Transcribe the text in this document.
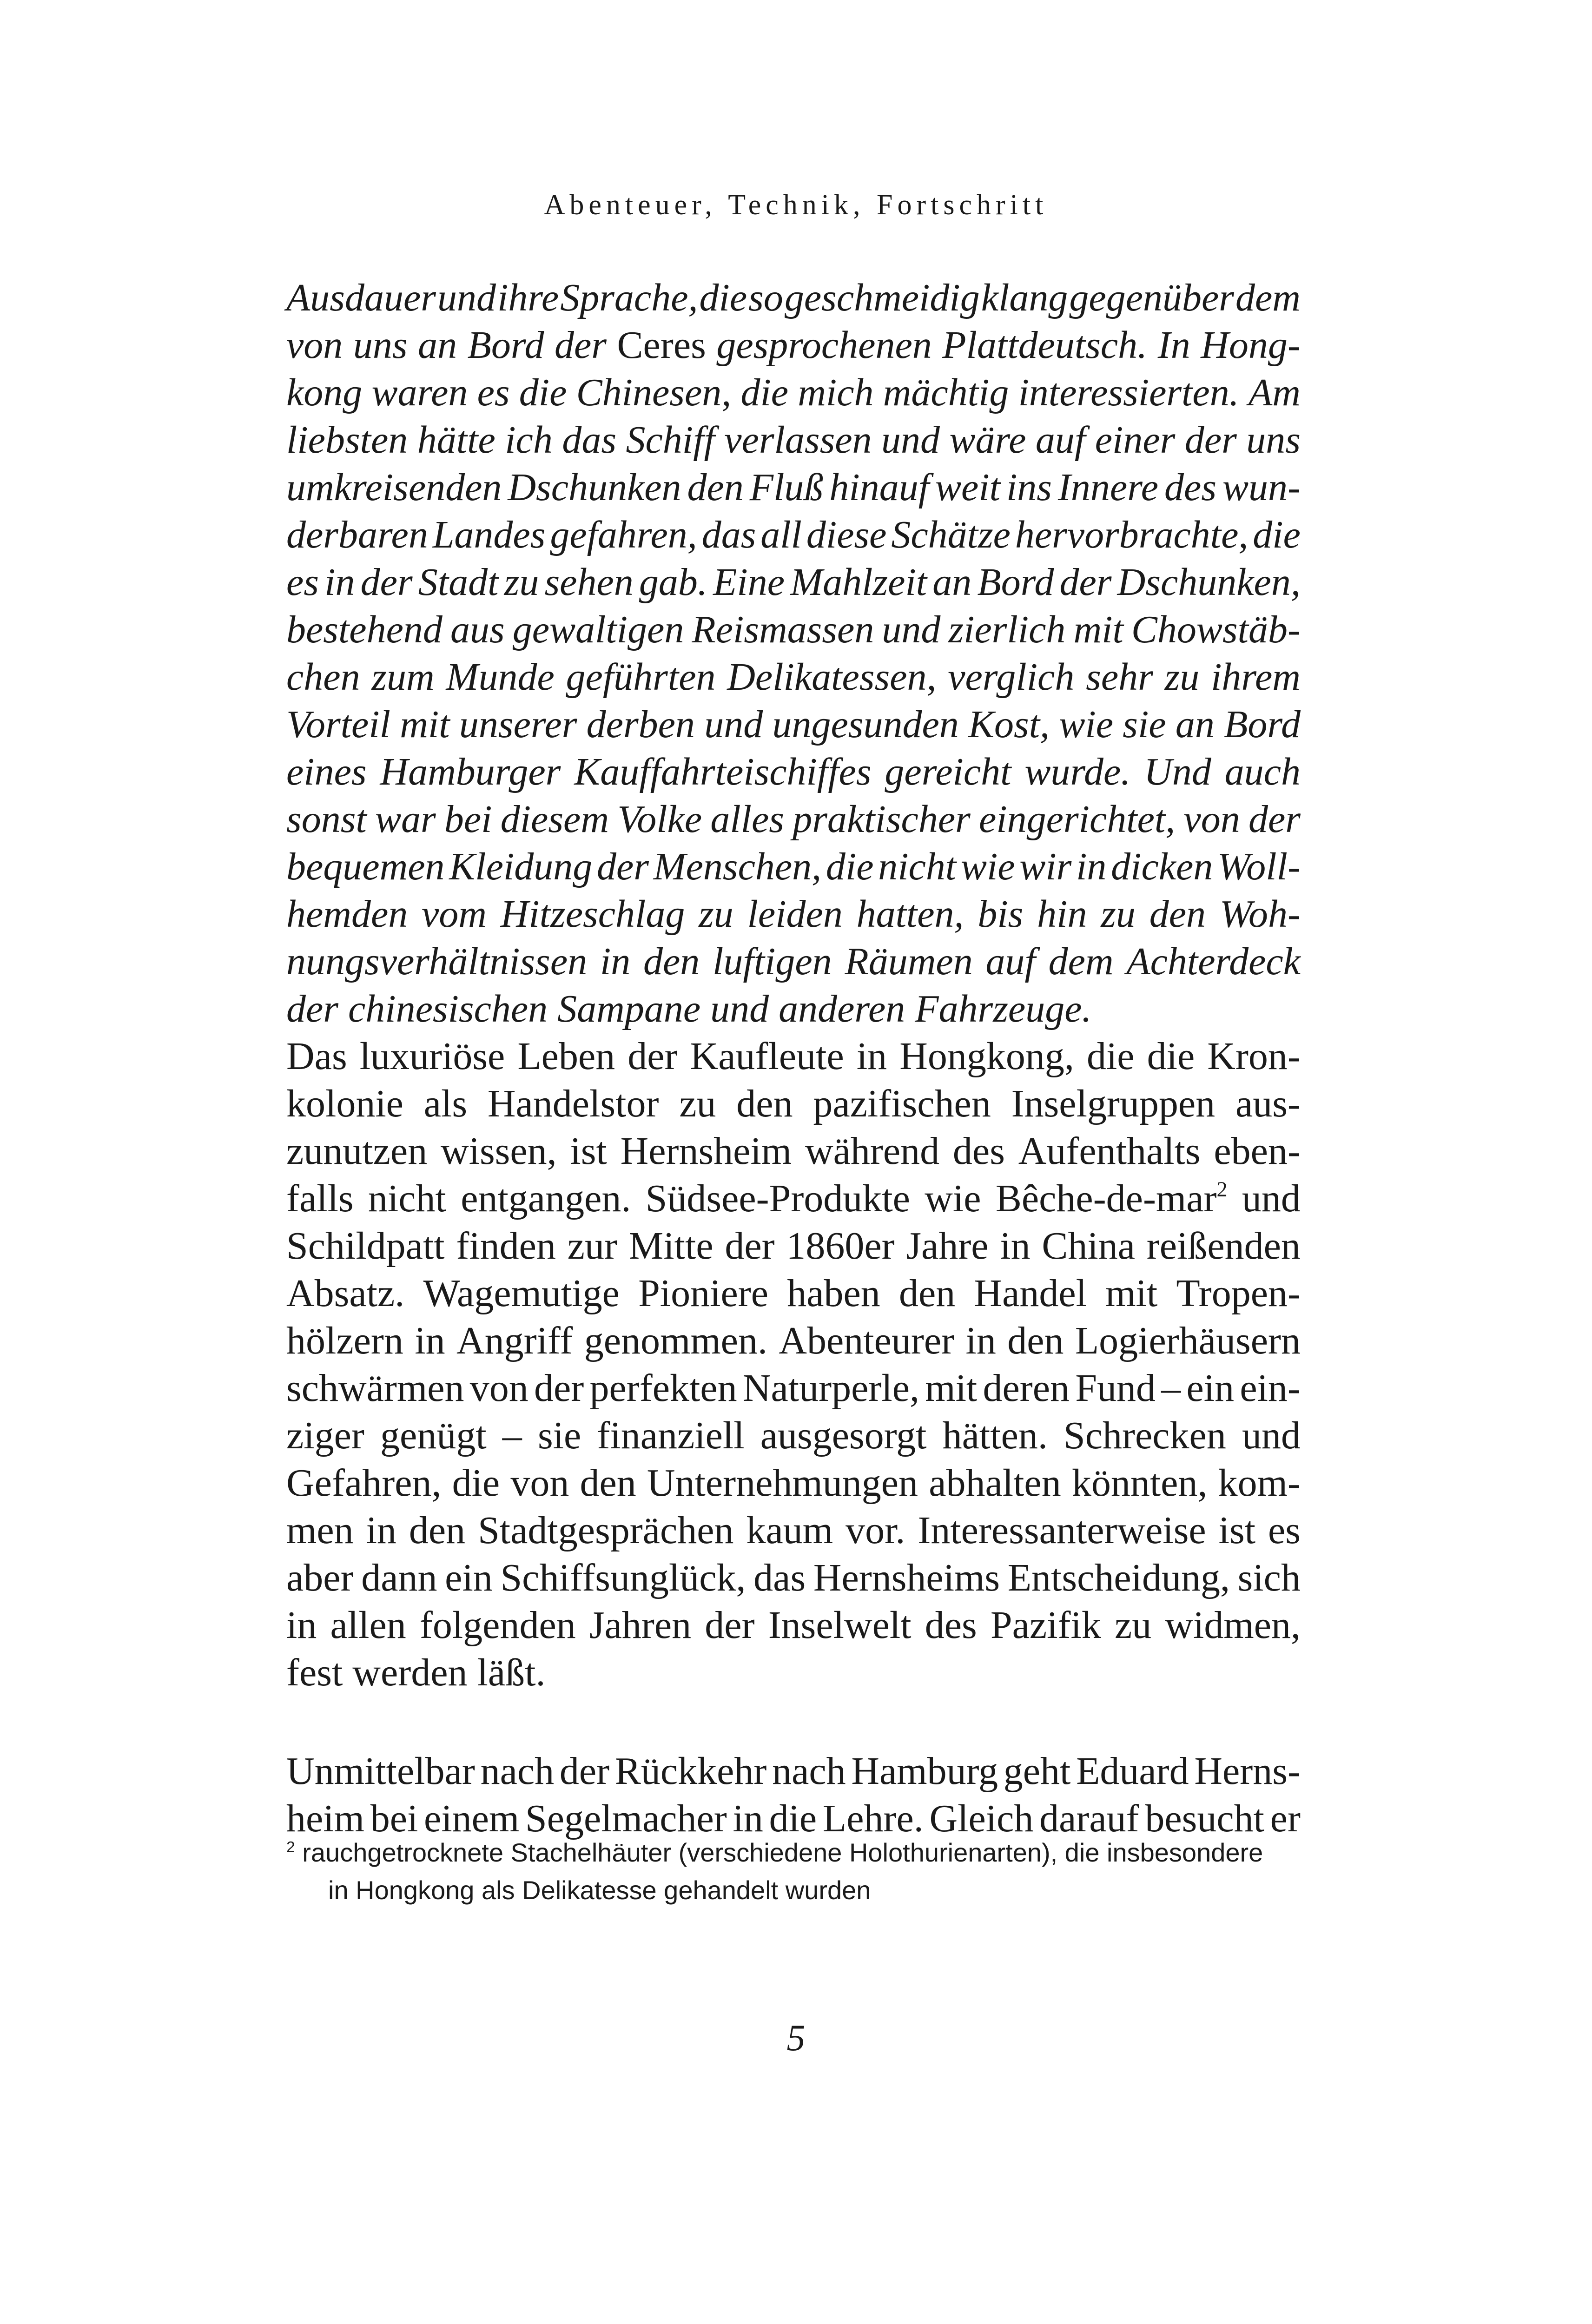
Abenteuer, Technik, Fortschritt
Ausdauer und ihre Sprache, die so geschmeidig klang gegenüber dem
von uns an Bord der Ceres gesprochenen Plattdeutsch. In Hong-
kong waren es die Chinesen, die mich mächtig interessierten. Am
liebsten hätte ich das Schiff verlassen und wäre auf einer der uns
umkreisenden Dschunken den Fluß hinauf weit ins Innere des wun-
derbaren Landes gefahren, das all diese Schätze hervorbrachte, die
es in der Stadt zu sehen gab. Eine Mahlzeit an Bord der Dschunken,
bestehend aus gewaltigen Reismassen und zierlich mit Chowstäb-
chen zum Munde geführten Delikatessen, verglich sehr zu ihrem
Vorteil mit unserer derben und ungesunden Kost, wie sie an Bord
eines Hamburger Kauffahrteischiffes gereicht wurde. Und auch
sonst war bei diesem Volke alles praktischer eingerichtet, von der
bequemen Kleidung der Menschen, die nicht wie wir in dicken Woll-
hemden vom Hitzeschlag zu leiden hatten, bis hin zu den Woh-
nungsverhältnissen in den luftigen Räumen auf dem Achterdeck
der chinesischen Sampane und anderen Fahrzeuge.
Das luxuriöse Leben der Kaufleute in Hongkong, die die Kron-
kolonie als Handelstor zu den pazifischen Inselgruppen aus-
zunutzen wissen, ist Hernsheim während des Aufenthalts eben-
falls nicht entgangen. Südsee-Produkte wie Bêche-de-mar$^2$ und
Schildpatt finden zur Mitte der 1860er Jahre in China reißenden
Absatz. Wagemutige Pioniere haben den Handel mit Tropen-
hölzern in Angriff genommen. Abenteurer in den Logierhäusern
schwärmen von der perfekten Naturperle, mit deren Fund – ein ein-
ziger genügt – sie finanziell ausgesorgt hätten. Schrecken und
Gefahren, die von den Unternehmungen abhalten könnten, kom-
men in den Stadtgesprächen kaum vor. Interessanterweise ist es
aber dann ein Schiffsunglück, das Hernsheims Entscheidung, sich
in allen folgenden Jahren der Inselwelt des Pazifik zu widmen,
fest werden läßt.
Unmittelbar nach der Rückkehr nach Hamburg geht Eduard Herns-
heim bei einem Segelmacher in die Lehre. Gleich darauf besucht er
$^2$ rauchgetrocknete Stachelhäuter (verschiedene Holothurienarten), die insbesondere
in Hongkong als Delikatesse gehandelt wurden
5
